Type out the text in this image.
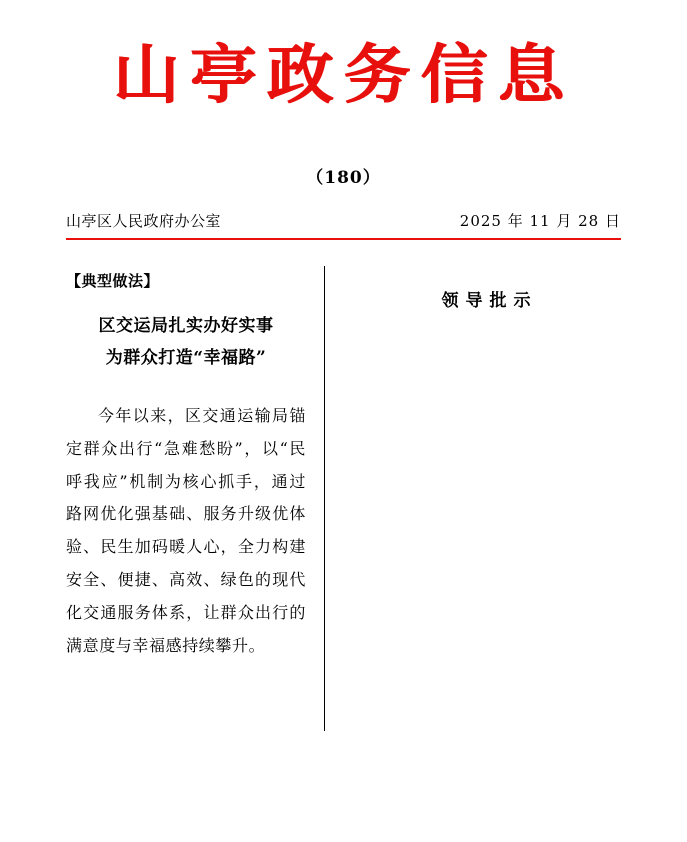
山亭政务信息
（180）
山亭区人民政府办公室	2025 年 11 月 28 日
【典型做法】
区交运局扎实办好实事
为群众打造“幸福路”

今年以来，区交通运输局锚定群众出行“急难愁盼”，以“民呼我应”机制为核心抓手，通过路网优化强基础、服务升级优体验、民生加码暖人心，全力构建安全、便捷、高效、绿色的现代化交通服务体系，让群众出行的满意度与幸福感持续攀升。

领导批示
